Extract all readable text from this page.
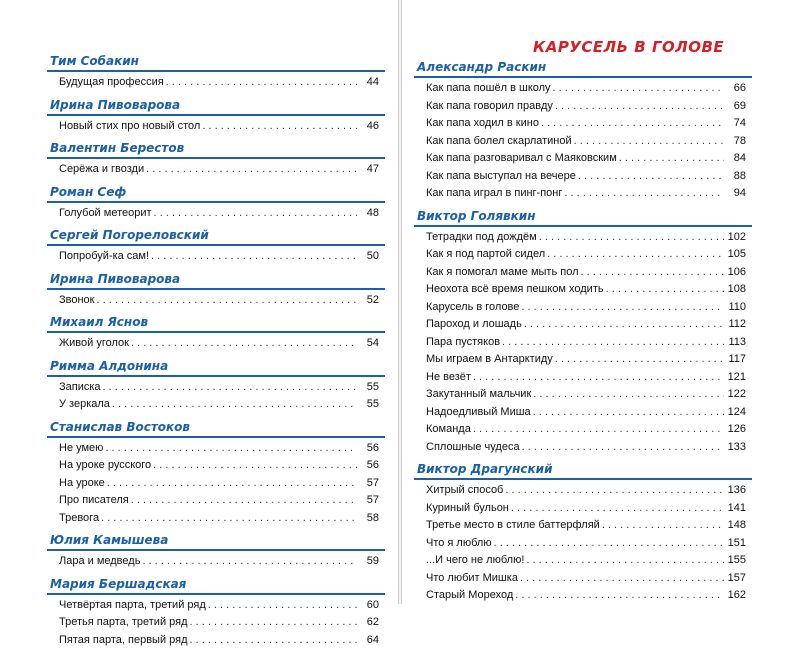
КАРУСЕЛЬ В ГОЛОВЕ
Тим Собакин
Будущая профессия . . .	44
Ирина Пивоварова
Новый стих про новый стол . . .	46
Валентин Берестов
Серёжа и гвозди . . .	47
Роман Сеф
Голубой метеорит . . .	48
Сергей Погореловский
Попробуй-ка сам! . . .	50
Ирина Пивоварова
Звонок . . .	52
Михаил Яснов
Живой уголок . . .	54
Римма Алдонина
Записка . . .	55
У зеркала . . .	55
Станислав Востоков
Не умею . . .	56
На уроке русского . . .	56
На уроке . . .	57
Про писателя . . .	57
Тревога . . .	58
Юлия Камышева
Лара и медведь . . .	59
Мария Бершадская
Четвёртая парта, третий ряд . . .	60
Третья парта, третий ряд . . .	62
Пятая парта, первый ряд . . .	64
Александр Раскин
Как папа пошёл в школу . . .	66
Как папа говорил правду . . .	69
Как папа ходил в кино . . .	74
Как папа болел скарлатиной . . .	78
Как папа разговаривал с Маяковским . . .	84
Как папа выступал на вечере . . .	88
Как папа играл в пинг-понг . . .	94
Виктор Голявкин
Тетрадки под дождём . . .	102
Как я под партой сидел . . .	105
Как я помогал маме мыть пол . . .	106
Неохота всё время пешком ходить . . .	108
Карусель в голове . . .	110
Пароход и лошадь . . .	112
Пара пустяков . . .	113
Мы играем в Антарктиду . . .	117
Не везёт . . .	121
Закутанный мальчик . . .	122
Надоедливый Миша . . .	124
Команда . . .	126
Сплошные чудеса . . .	133
Виктор Драгунский
Хитрый способ . . .	136
Куриный бульон . . .	141
Третье место в стиле баттерфляй . . .	148
Что я люблю . . .	151
...И чего не люблю! . . .	155
Что любит Мишка . . .	157
Старый Мореход . . .	162
